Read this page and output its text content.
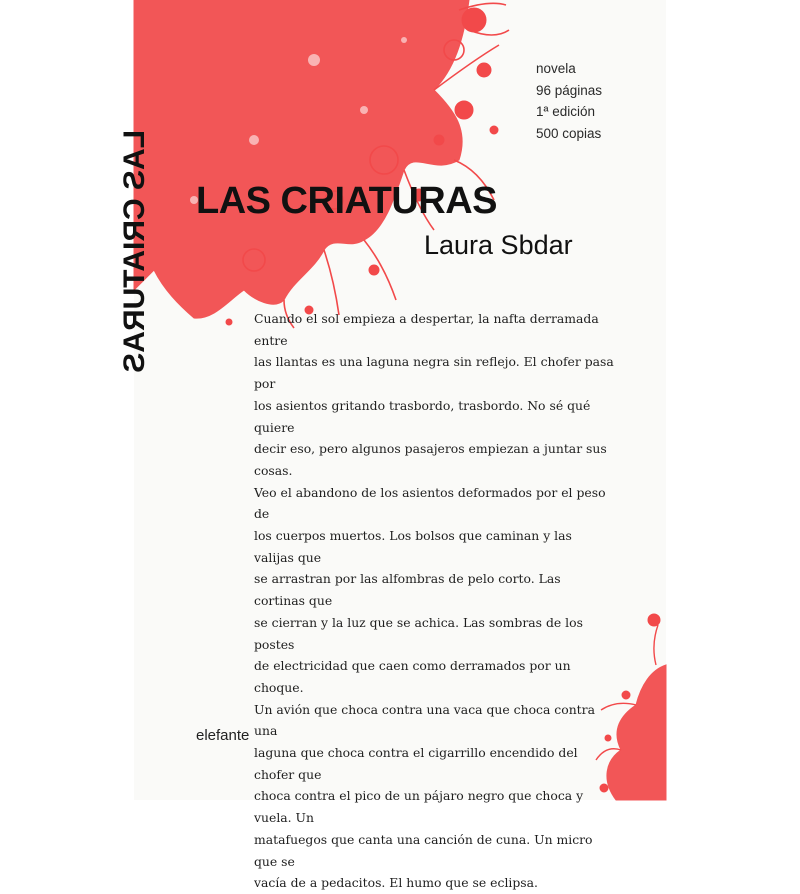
LAS CRIATURAS
novela
96 páginas
1ª edición
500 copias
LAS CRIATURAS
Laura Sbdar

Cuando el sol empieza a despertar, la nafta derramada entre
las llantas es una laguna negra sin reflejo. El chofer pasa por
los asientos gritando trasbordo, trasbordo. No sé qué quiere
decir eso, pero algunos pasajeros empiezan a juntar sus cosas.
Veo el abandono de los asientos deformados por el peso de
los cuerpos muertos. Los bolsos que caminan y las valijas que
se arrastran por las alfombras de pelo corto. Las cortinas que
se cierran y la luz que se achica. Las sombras de los postes
de electricidad que caen como derramados por un choque.
Un avión que choca contra una vaca que choca contra una
laguna que choca contra el cigarrillo encendido del chofer que
choca contra el pico de un pájaro negro que choca y vuela. Un
matafuegos que canta una canción de cuna. Un micro que se
vacía de a pedacitos. El humo que se eclipsa.

elefante
